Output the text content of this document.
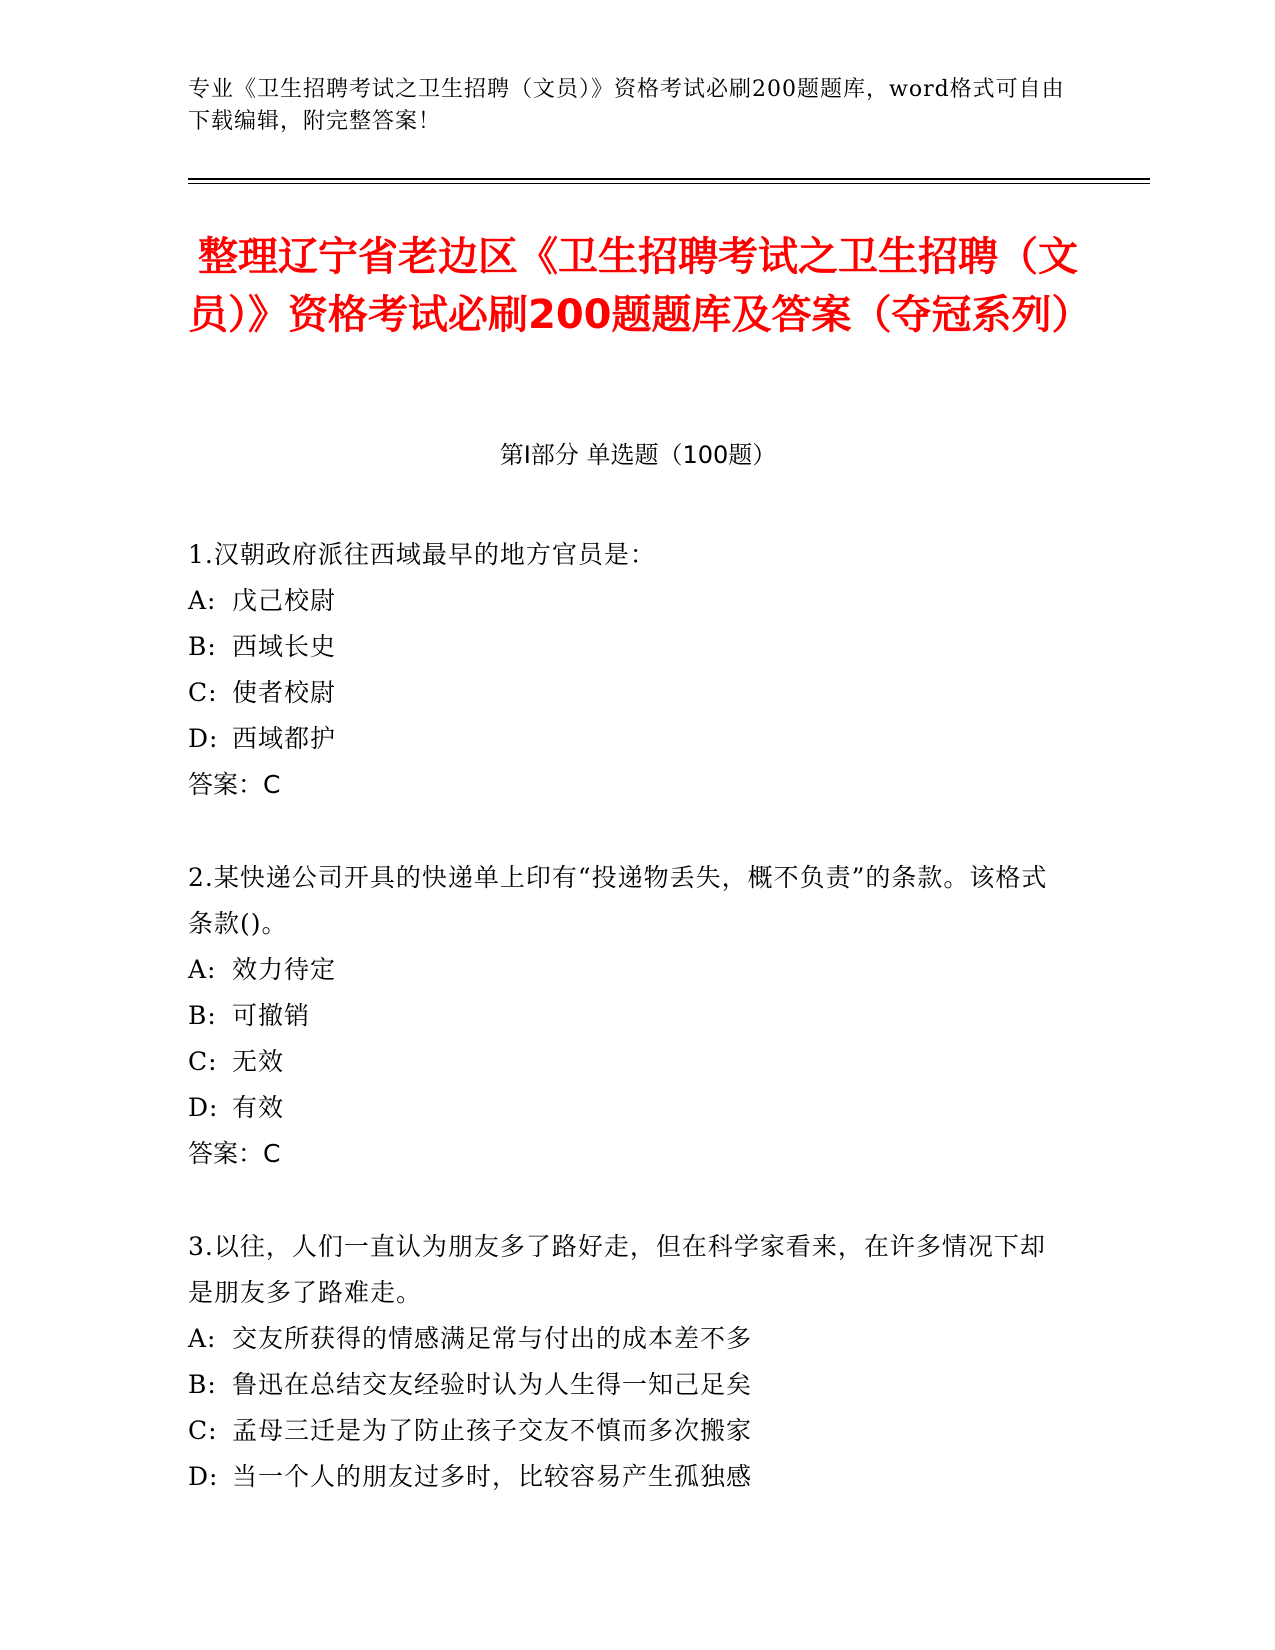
专业《卫生招聘考试之卫生招聘（文员）》资格考试必刷200题题库，word格式可自由下载编辑，附完整答案！
整理辽宁省老边区《卫生招聘考试之卫生招聘（文员）》资格考试必刷200题题库及答案（夺冠系列）
第Ⅰ部分 单选题（100题）
1.汉朝政府派往西域最早的地方官员是：
A: 戊己校尉
B: 西域长史
C: 使者校尉
D: 西域都护
答案：C
2.某快递公司开具的快递单上印有“投递物丢失，概不负责”的条款。该格式条款()。
A: 效力待定
B: 可撤销
C: 无效
D: 有效
答案：C
3.以往，人们一直认为朋友多了路好走，但在科学家看来，在许多情况下却是朋友多了路难走。
A: 交友所获得的情感满足常与付出的成本差不多
B: 鲁迅在总结交友经验时认为人生得一知己足矣
C: 孟母三迁是为了防止孩子交友不慎而多次搬家
D: 当一个人的朋友过多时，比较容易产生孤独感
